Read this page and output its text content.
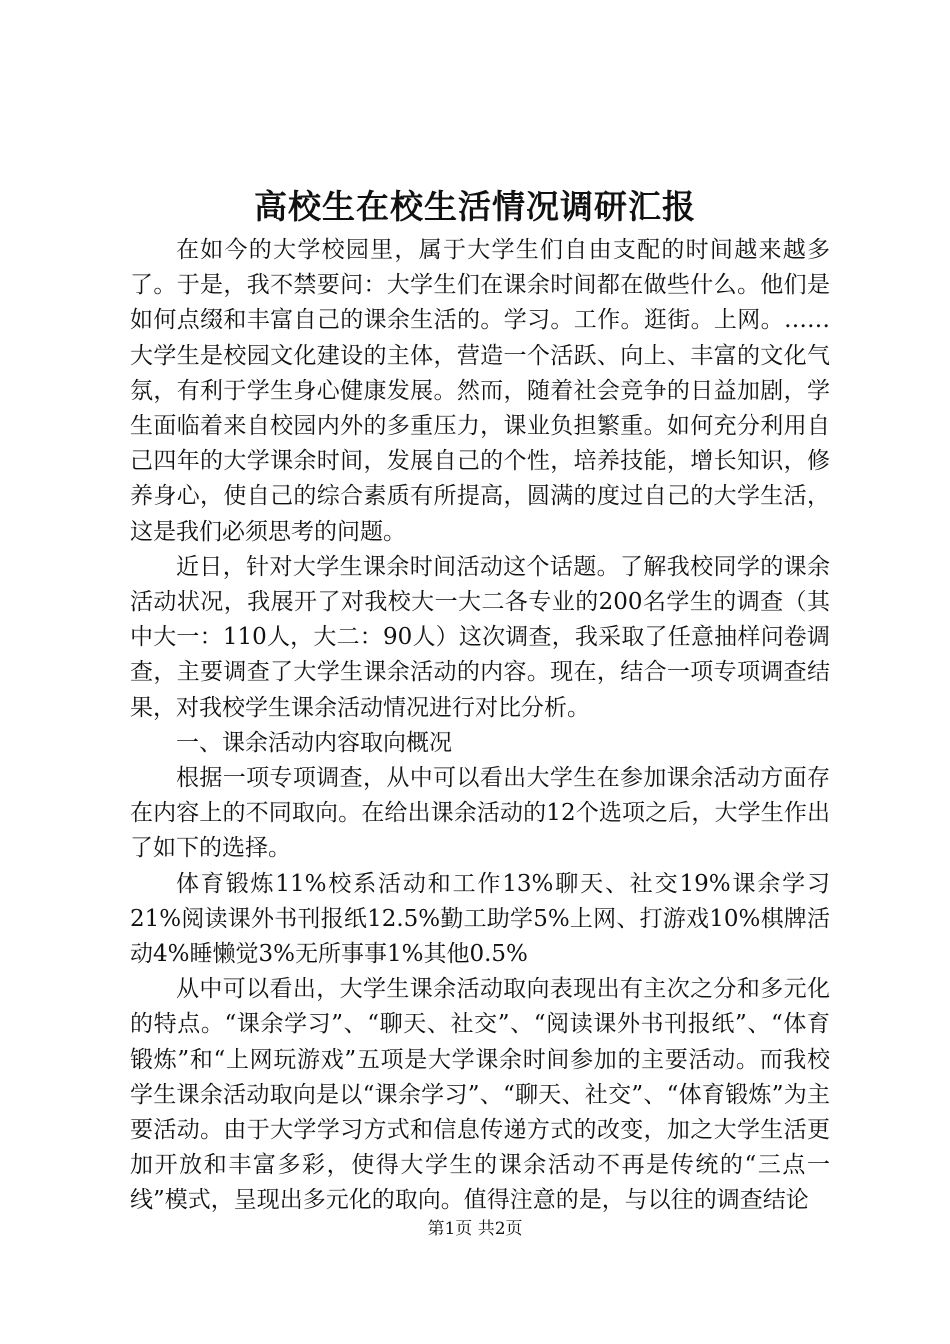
高校生在校生活情况调研汇报

在如今的大学校园里，属于大学生们自由支配的时间越来越多了。于是，我不禁要问：大学生们在课余时间都在做些什么。他们是如何点缀和丰富自己的课余生活的。学习。工作。逛街。上网。……大学生是校园文化建设的主体，营造一个活跃、向上、丰富的文化气氛，有利于学生身心健康发展。然而，随着社会竞争的日益加剧，学生面临着来自校园内外的多重压力，课业负担繁重。如何充分利用自己四年的大学课余时间，发展自己的个性，培养技能，增长知识，修养身心，使自己的综合素质有所提高，圆满的度过自己的大学生活，这是我们必须思考的问题。

近日，针对大学生课余时间活动这个话题。了解我校同学的课余活动状况，我展开了对我校大一大二各专业的200名学生的调查（其中大一：110人，大二：90人）这次调查，我采取了任意抽样问卷调查，主要调查了大学生课余活动的内容。现在，结合一项专项调查结果，对我校学生课余活动情况进行对比分析。

一、课余活动内容取向概况

根据一项专项调查，从中可以看出大学生在参加课余活动方面存在内容上的不同取向。在给出课余活动的12个选项之后，大学生作出了如下的选择。

体育锻炼11%校系活动和工作13%聊天、社交19%课余学习21%阅读课外书刊报纸12.5%勤工助学5%上网、打游戏10%棋牌活动4%睡懒觉3%无所事事1%其他0.5%

从中可以看出，大学生课余活动取向表现出有主次之分和多元化的特点。“课余学习”、“聊天、社交”、“阅读课外书刊报纸”、“体育锻炼”和“上网玩游戏”五项是大学课余时间参加的主要活动。而我校学生课余活动取向是以“课余学习”、“聊天、社交”、“体育锻炼”为主要活动。由于大学学习方式和信息传递方式的改变，加之大学生活更加开放和丰富多彩，使得大学生的课余活动不再是传统的“三点一线”模式，呈现出多元化的取向。值得注意的是，与以往的调查结论

第1页 共2页
